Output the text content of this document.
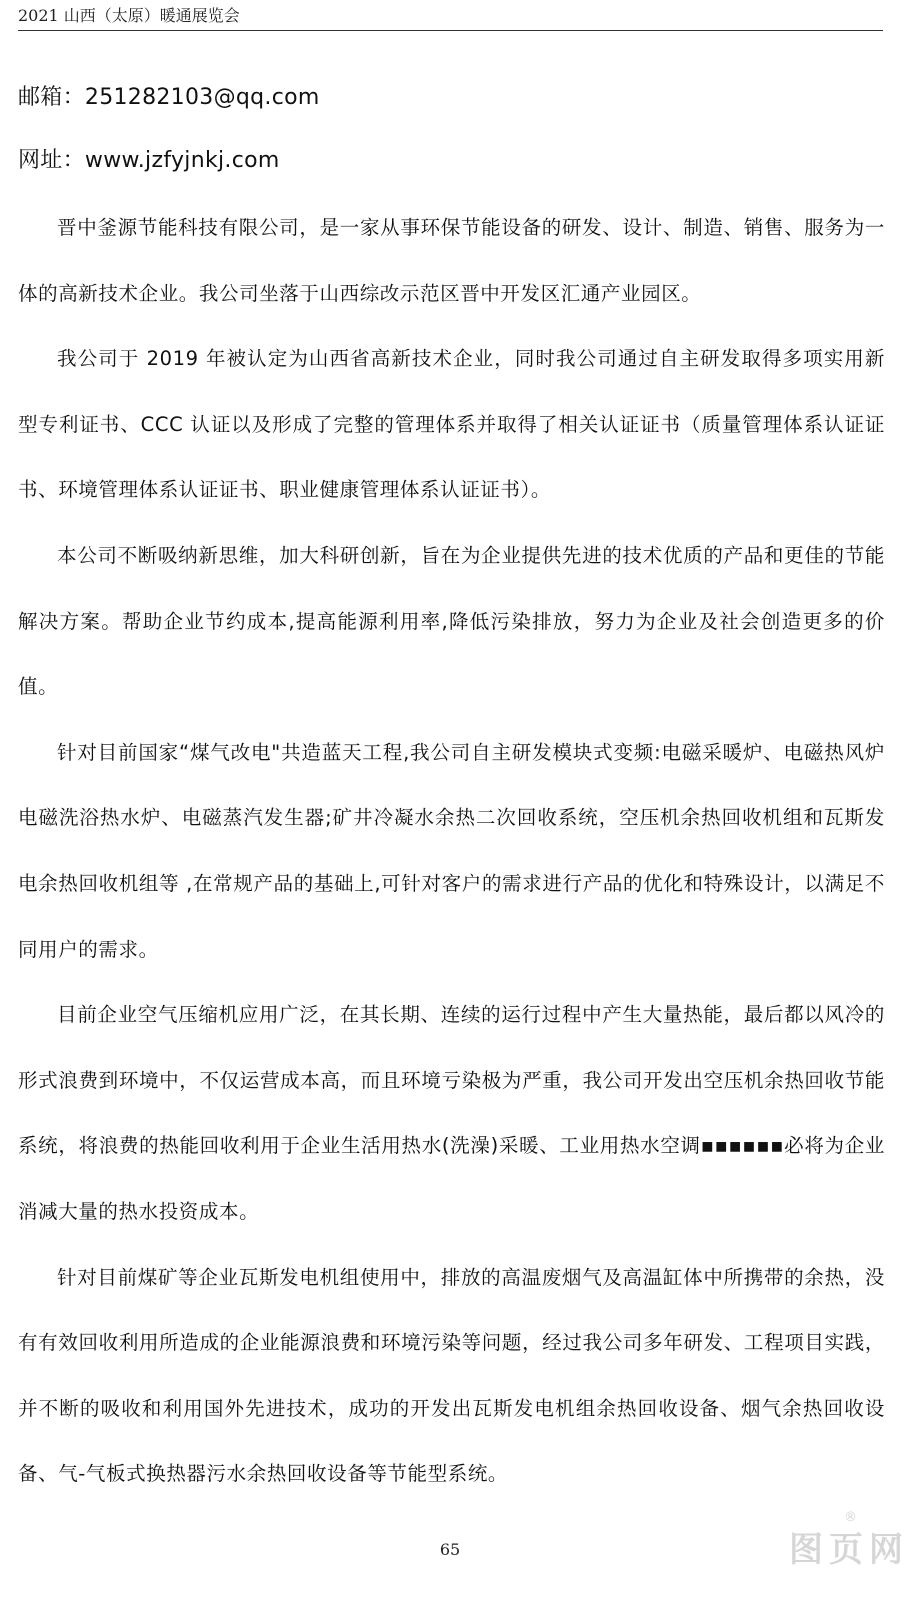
2021 山西（太原）暖通展览会
邮箱：251282103@qq.com
网址：www.jzfyjnkj.com

晋中釜源节能科技有限公司，是一家从事环保节能设备的研发、设计、制造、销售、服务为一体的高新技术企业。我公司坐落于山西综改示范区晋中开发区汇通产业园区。

我公司于 2019 年被认定为山西省高新技术企业，同时我公司通过自主研发取得多项实用新型专利证书、CCC 认证以及形成了完整的管理体系并取得了相关认证证书（质量管理体系认证证书、环境管理体系认证证书、职业健康管理体系认证证书）。

本公司不断吸纳新思维，加大科研创新，旨在为企业提供先进的技术优质的产品和更佳的节能解决方案。帮助企业节约成本,提高能源利用率,降低污染排放，努力为企业及社会创造更多的价值。

针对目前国家“煤气改电"共造蓝天工程,我公司自主研发模块式变频:电磁采暖炉、电磁热风炉电磁洗浴热水炉、电磁蒸汽发生器;矿井冷凝水余热二次回收系统，空压机余热回收机组和瓦斯发电余热回收机组等 ,在常规产品的基础上,可针对客户的需求进行产品的优化和特殊设计，以满足不同用户的需求。

目前企业空气压缩机应用广泛，在其长期、连续的运行过程中产生大量热能，最后都以风冷的形式浪费到环境中，不仅运营成本高，而且环境亏染极为严重，我公司开发出空压机余热回收节能系统，将浪费的热能回收利用于企业生活用热水(洗澡)采暖、工业用热水空调▪▪▪▪▪▪必将为企业消减大量的热水投资成本。

针对目前煤矿等企业瓦斯发电机组使用中，排放的高温废烟气及高温缸体中所携带的余热，没有有效回收利用所造成的企业能源浪费和环境污染等问题，经过我公司多年研发、工程项目实践，并不断的吸收和利用国外先进技术，成功的开发出瓦斯发电机组余热回收设备、烟气余热回收设备、气-气板式换热器污水余热回收设备等节能型系统。

65
®
图页网
